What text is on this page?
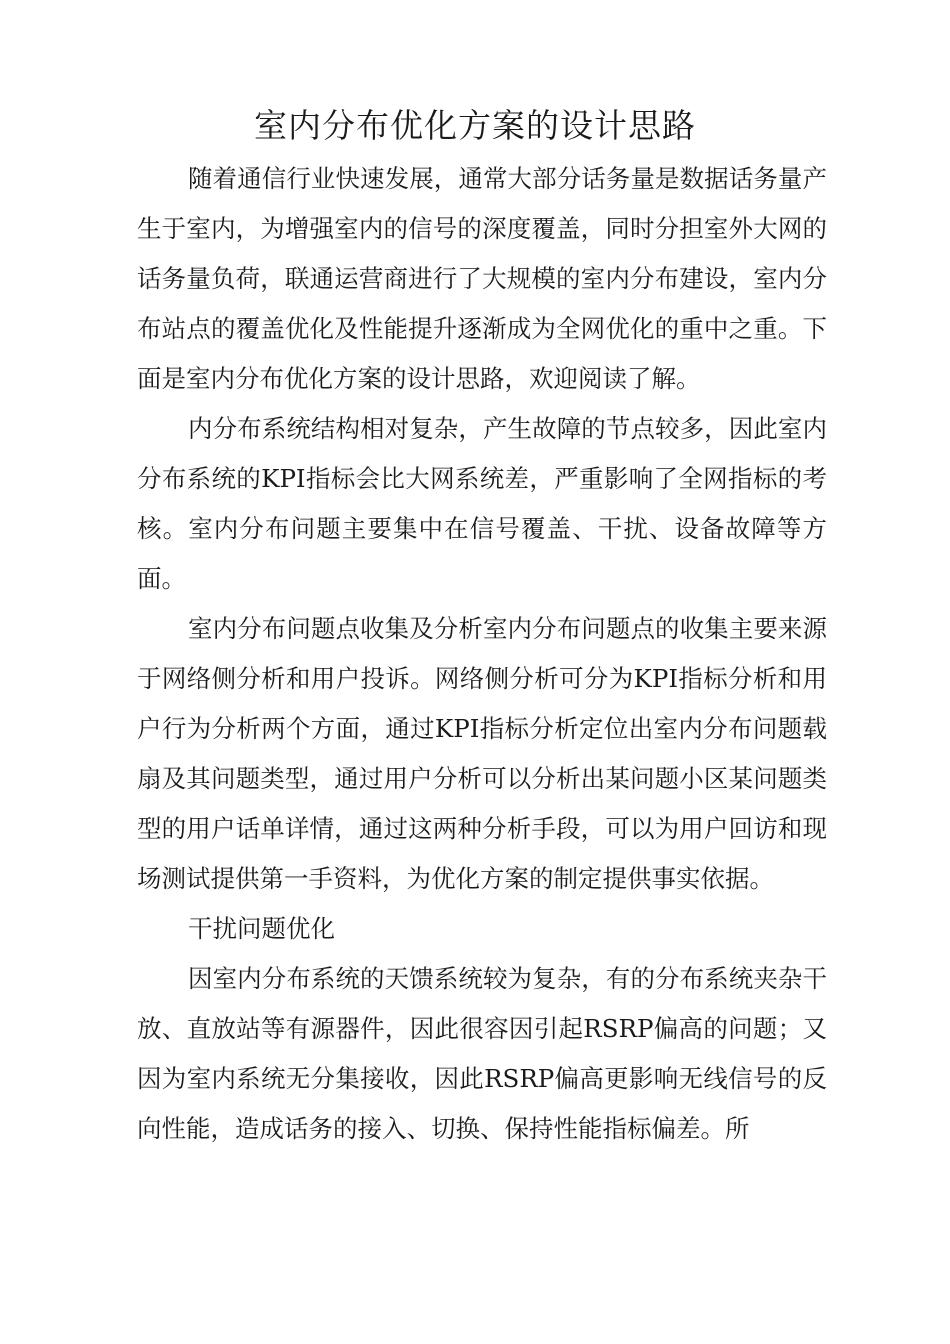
室内分布优化方案的设计思路

随着通信行业快速发展，通常大部分话务量是数据话务量产生于室内，为增强室内的信号的深度覆盖，同时分担室外大网的话务量负荷，联通运营商进行了大规模的室内分布建设，室内分布站点的覆盖优化及性能提升逐渐成为全网优化的重中之重。下面是室内分布优化方案的设计思路，欢迎阅读了解。

内分布系统结构相对复杂，产生故障的节点较多，因此室内分布系统的KPI指标会比大网系统差，严重影响了全网指标的考核。室内分布问题主要集中在信号覆盖、干扰、设备故障等方面。

室内分布问题点收集及分析室内分布问题点的收集主要来源于网络侧分析和用户投诉。网络侧分析可分为KPI指标分析和用户行为分析两个方面，通过KPI指标分析定位出室内分布问题载扇及其问题类型，通过用户分析可以分析出某问题小区某问题类型的用户话单详情，通过这两种分析手段，可以为用户回访和现场测试提供第一手资料，为优化方案的制定提供事实依据。

干扰问题优化

因室内分布系统的天馈系统较为复杂，有的分布系统夹杂干放、直放站等有源器件，因此很容因引起RSRP偏高的问题；又因为室内系统无分集接收，因此RSRP偏高更影响无线信号的反向性能，造成话务的接入、切换、保持性能指标偏差。所
